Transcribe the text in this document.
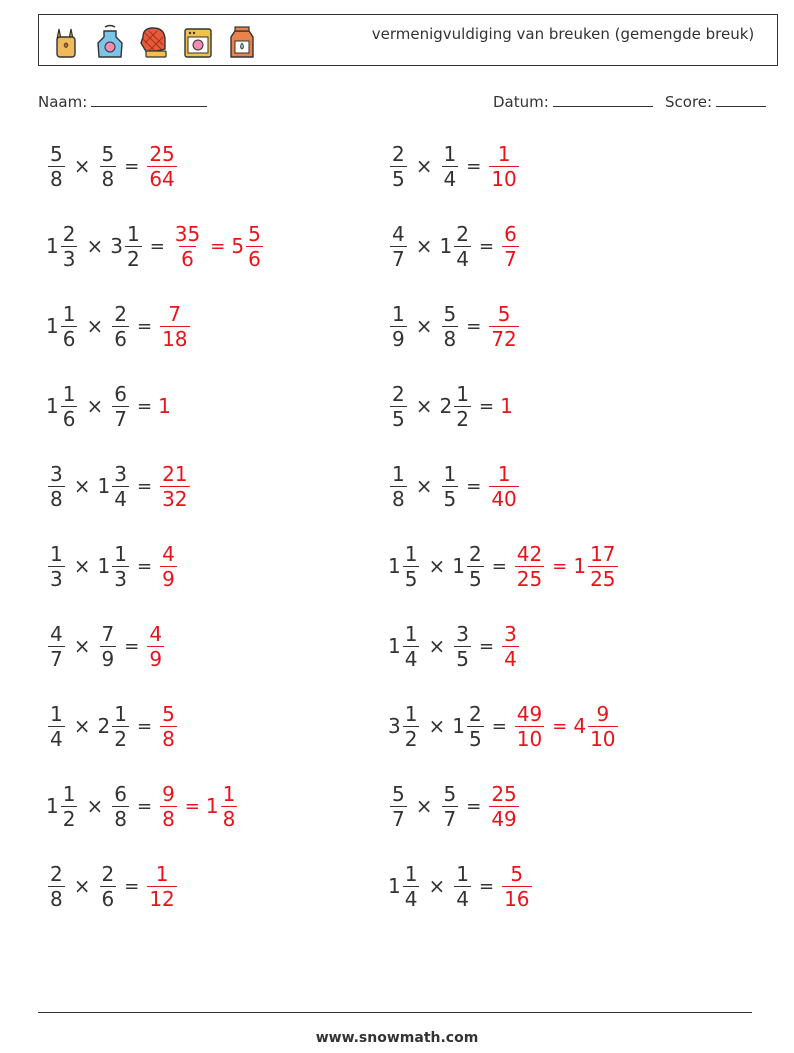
vermenigvuldiging van breuken (gemengde breuk)
Naam:	Datum:	Score:
$\frac{5}{8} \times \frac{5}{8} = \frac{25}{64}$	$\frac{2}{5} \times \frac{1}{4} = \frac{1}{10}$
$1 \frac{2}{3} \times 3 \frac{1}{2} = \frac{35}{6} = 5 \frac{5}{6}$	$\frac{4}{7} \times 1 \frac{2}{4} = \frac{6}{7}$
$1 \frac{1}{6} \times \frac{2}{6} = \frac{7}{18}$	$\frac{1}{9} \times \frac{5}{8} = \frac{5}{72}$
$1 \frac{1}{6} \times \frac{6}{7} = 1$	$\frac{2}{5} \times 2 \frac{1}{2} = 1$
$\frac{3}{8} \times 1 \frac{3}{4} = \frac{21}{32}$	$\frac{1}{8} \times \frac{1}{5} = \frac{1}{40}$
$\frac{1}{3} \times 1 \frac{1}{3} = \frac{4}{9}$	$1 \frac{1}{5} \times 1 \frac{2}{5} = \frac{42}{25} = 1 \frac{17}{25}$
$\frac{4}{7} \times \frac{7}{9} = \frac{4}{9}$	$1 \frac{1}{4} \times \frac{3}{5} = \frac{3}{4}$
$\frac{1}{4} \times 2 \frac{1}{2} = \frac{5}{8}$	$3 \frac{1}{2} \times 1 \frac{2}{5} = \frac{49}{10} = 4 \frac{9}{10}$
$1 \frac{1}{2} \times \frac{6}{8} = \frac{9}{8} = 1 \frac{1}{8}$	$\frac{5}{7} \times \frac{5}{7} = \frac{25}{49}$
$\frac{2}{8} \times \frac{2}{6} = \frac{1}{12}$	$1 \frac{1}{4} \times \frac{1}{4} = \frac{5}{16}$
www.snowmath.com
